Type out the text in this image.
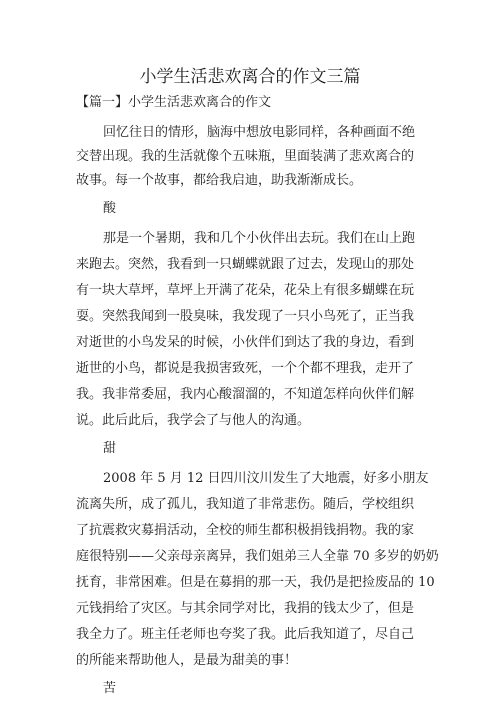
小学生活悲欢离合的作文三篇
【篇一】小学生活悲欢离合的作文
回忆往日的情形，脑海中想放电影同样，各种画面不绝
交替出现。我的生活就像个五味瓶，里面装满了悲欢离合的
故事。每一个故事，都给我启迪，助我渐渐成长。
酸
那是一个暑期，我和几个小伙伴出去玩。我们在山上跑
来跑去。突然，我看到一只蝴蝶就跟了过去，发现山的那处
有一块大草坪，草坪上开满了花朵，花朵上有很多蝴蝶在玩
耍。突然我闻到一股臭味，我发现了一只小鸟死了，正当我
对逝世的小鸟发呆的时候，小伙伴们到达了我的身边，看到
逝世的小鸟，都说是我损害致死，一个个都不理我，走开了
我。我非常委屈，我内心酸溜溜的，不知道怎样向伙伴们解
说。此后此后，我学会了与他人的沟通。
甜
2008 年 5 月 12 日四川汶川发生了大地震，好多小朋友
流离失所，成了孤儿，我知道了非常悲伤。随后，学校组织
了抗震救灾募捐活动，全校的师生都积极捐钱捐物。我的家
庭很特别——父亲母亲离异，我们姐弟三人全靠 70 多岁的奶奶
抚育，非常困难。但是在募捐的那一天，我仍是把捡废品的 10
元钱捐给了灾区。与其余同学对比，我捐的钱太少了，但是
我全力了。班主任老师也夸奖了我。此后我知道了，尽自己
的所能来帮助他人，是最为甜美的事！
苦
